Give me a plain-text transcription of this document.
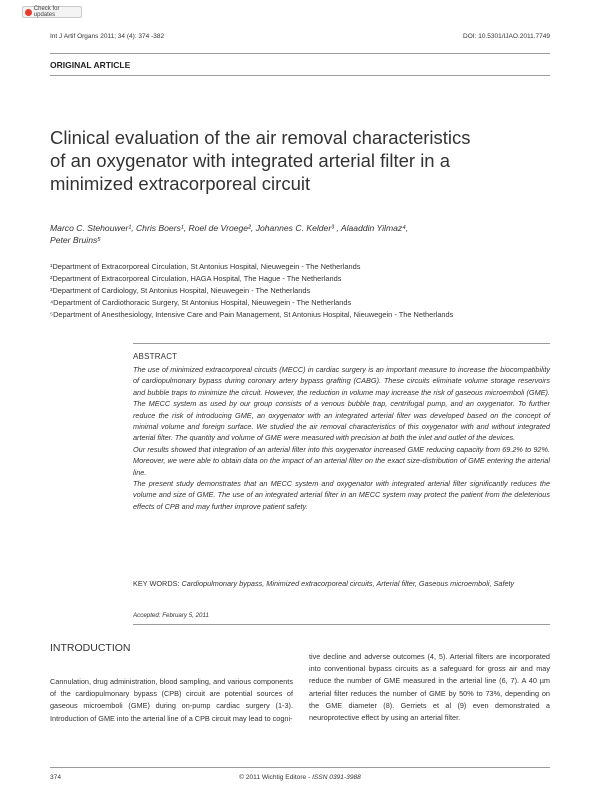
Check for updates
Int J Artif Organs 2011; 34 (4): 374 -382	DOI: 10.5301/IJAO.2011.7749
ORIGINAL ARTICLE
Clinical evaluation of the air removal characteristics
of an oxygenator with integrated arterial filter in a
minimized extracorporeal circuit
Marco C. Stehouwer¹, Chris Boers¹, Roel de Vroege², Johannes C. Kelder³ , Alaaddin Yilmaz⁴,
Peter Bruins⁵
¹Department of Extracorporeal Circulation, St Antonius Hospital, Nieuwegein - The Netherlands
²Department of Extracorporeal Circulation, HAGA Hospital, The Hague - The Netherlands
³Department of Cardiology, St Antonius Hospital, Nieuwegein - The Netherlands
⁴Department of Cardiothoracic Surgery, St Antonius Hospital, Nieuwegein - The Netherlands
⁵Department of Anesthesiology, Intensive Care and Pain Management, St Antonius Hospital, Nieuwegein - The Netherlands
ABSTRACT

The use of minimized extracorporeal circuits (MECC) in cardiac surgery is an important measure to increase the biocompatibility of cardiopulmonary bypass during coronary artery bypass grafting (CABG). These circuits eliminate volume storage reservoirs and bubble traps to minimize the circuit. However, the reduction in volume may increase the risk of gaseous microemboli (GME). The MECC system as used by our group consists of a venous bubble trap, centrifugal pump, and an oxygenator. To further reduce the risk of introducing GME, an oxygenator with an integrated arterial filter was developed based on the concept of minimal volume and foreign surface. We studied the air removal characteristics of this oxygenator with and without integrated arterial filter. The quantity and volume of GME were measured with precision at both the inlet and outlet of the devices.

Our results showed that integration of an arterial filter into this oxygenator increased GME reducing capacity from 69.2% to 92%. Moreover, we were able to obtain data on the impact of an arterial filter on the exact size-distribution of GME entering the arterial line.

The present study demonstrates that an MECC system and oxygenator with integrated arterial filter significantly reduces the volume and size of GME. The use of an integrated arterial filter in an MECC system may protect the patient from the deleterious effects of CPB and may further improve patient safety.

KEY WORDS: Cardiopulmonary bypass, Minimized extracorporeal circuits, Arterial filter, Gaseous microemboli, Safety
Accepted: February 5, 2011
INTRODUCTION
Cannulation, drug administration, blood sampling, and various components of the cardiopulmonary bypass (CPB) circuit are potential sources of gaseous microemboli (GME) during on-pump cardiac surgery (1-3). Introduction of GME into the arterial line of a CPB circuit may lead to cogni-
tive decline and adverse outcomes (4, 5). Arterial filters are incorporated into conventional bypass circuits as a safeguard for gross air and may reduce the number of GME measured in the arterial line (6, 7). A 40 µm arterial filter reduces the number of GME by 50% to 73%, depending on the GME diameter (8). Gerriets et al (9) even demonstrated a neuroprotective effect by using an arterial filter.
374	© 2011 Wichtig Editore - ISSN 0391-3988
